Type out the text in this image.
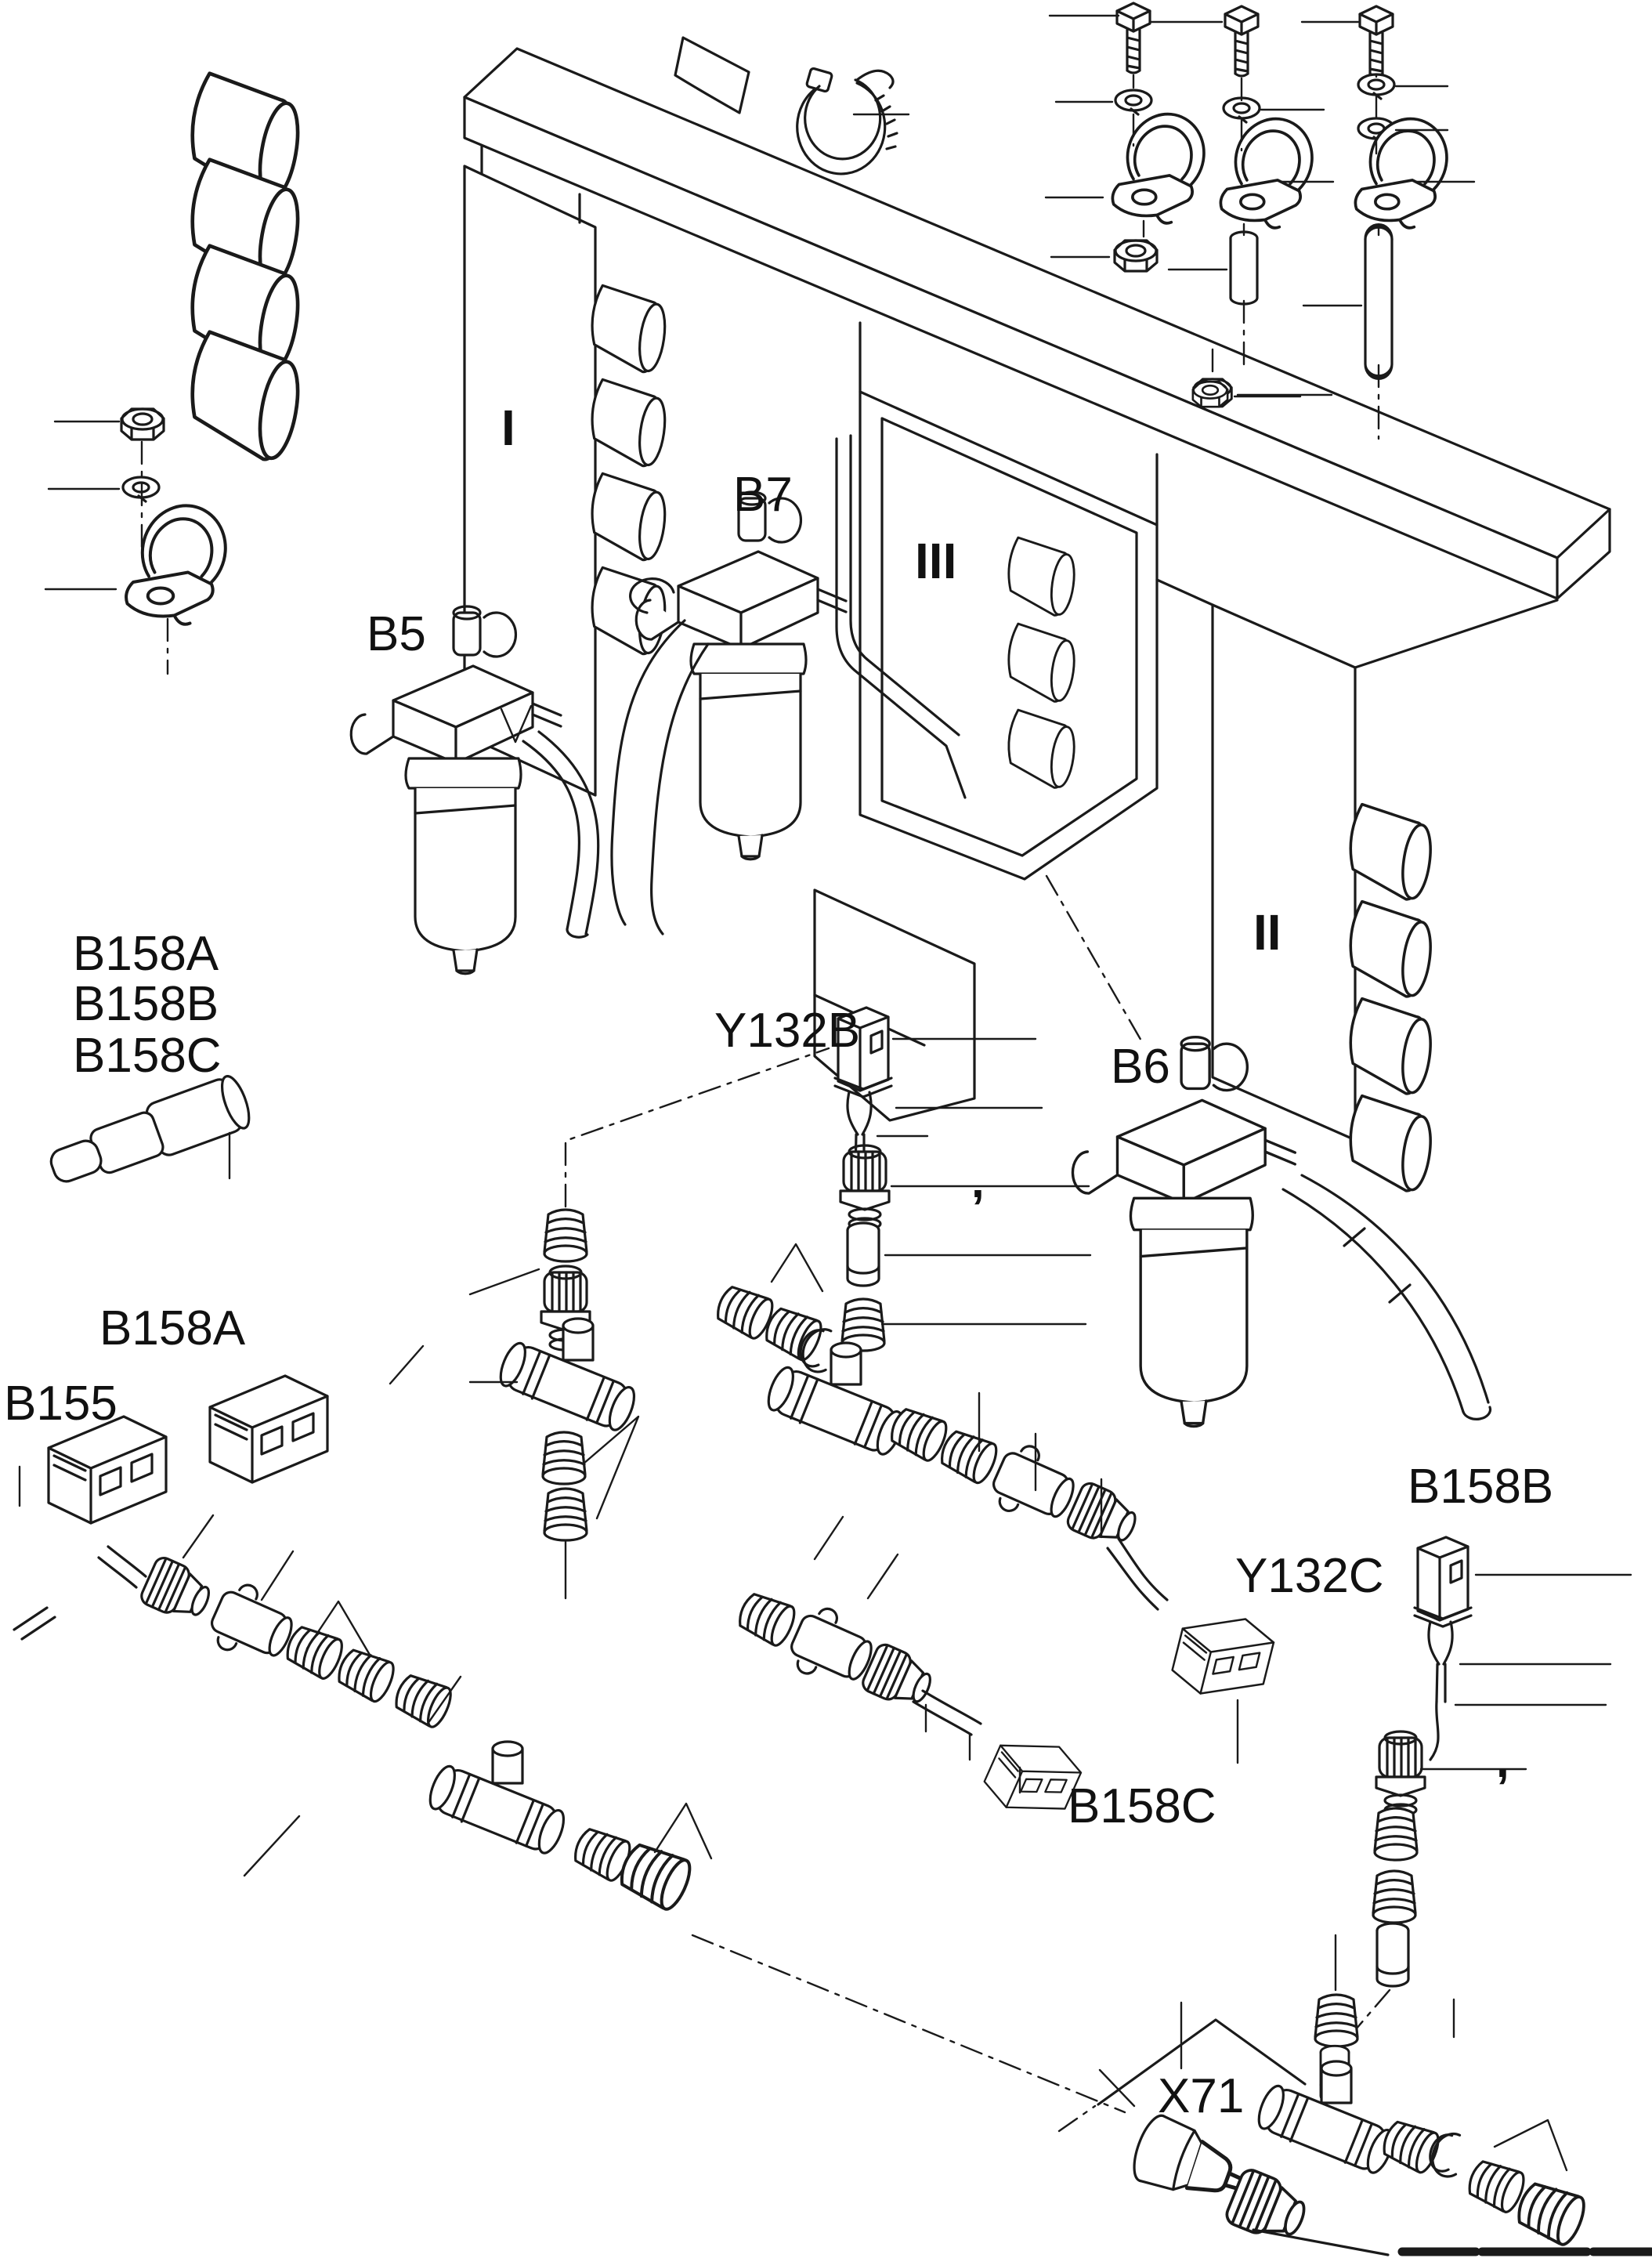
B5
B7
B6
I
II
III
B158A
B158B
B158C	Y132B
B158A
B155
B158B
Y132C
B158C
X71
,
,
